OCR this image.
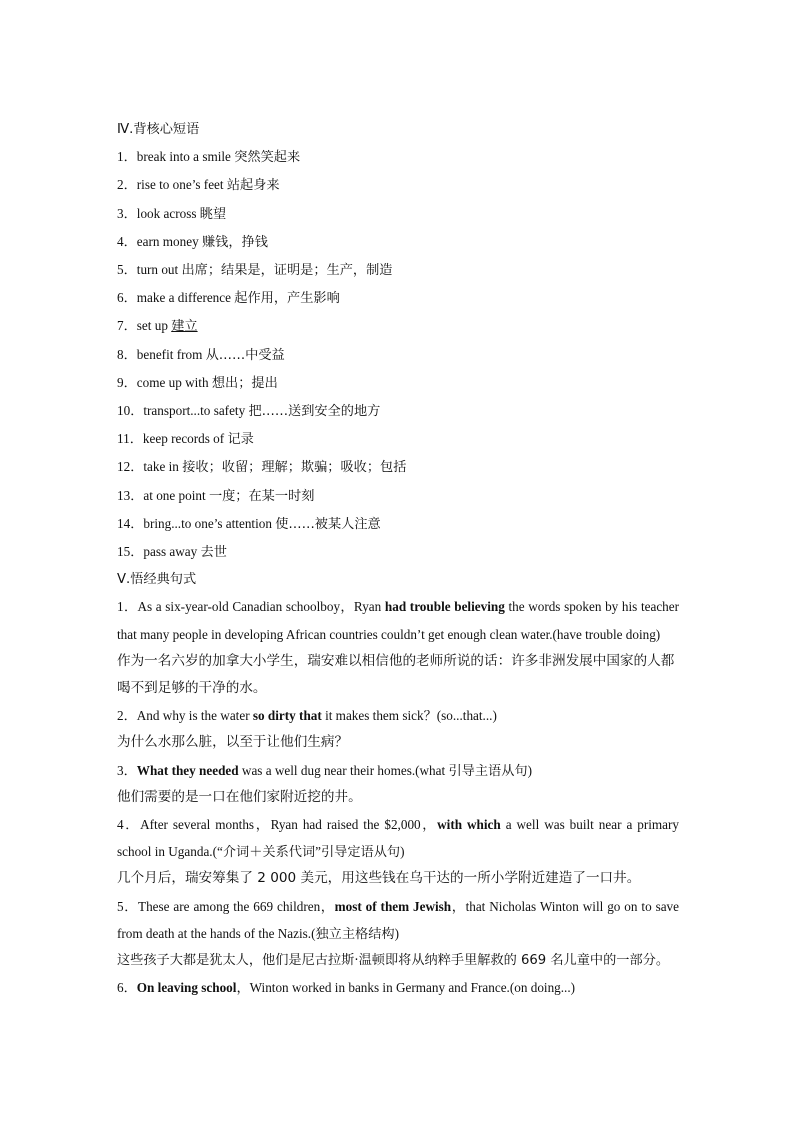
Ⅳ.背核心短语
1．break into a smile 突然笑起来
2．rise to one’s feet 站起身来
3．look across 眺望
4．earn money 赚钱，挣钱
5．turn out 出席；结果是，证明是；生产，制造
6．make a difference 起作用，产生影响
7．set up 建立
8．benefit from 从……中受益
9．come up with 想出；提出
10．transport...to safety 把……送到安全的地方
11．keep records of 记录
12．take in 接收；收留；理解；欺骗；吸收；包括
13．at one point 一度；在某一时刻
14．bring...to one’s attention 使……被某人注意
15．pass away 去世
Ⅴ.悟经典句式
1．As a six-year-old Canadian schoolboy，Ryan had trouble believing the words spoken by his teacher that many people in developing African countries couldn’t get enough clean water.(have trouble doing)
作为一名六岁的加拿大小学生，瑞安难以相信他的老师所说的话：许多非洲发展中国家的人都喝不到足够的干净的水。
2．And why is the water so dirty that it makes them sick？(so...that...)
为什么水那么脏，以至于让他们生病？
3．What they needed was a well dug near their homes.(what 引导主语从句)
他们需要的是一口在他们家附近挖的井。
4．After several months，Ryan had raised the $2,000，with which a well was built near a primary school in Uganda.(“介词＋关系代词”引导定语从句)
几个月后，瑞安筹集了 2 000 美元，用这些钱在乌干达的一所小学附近建造了一口井。
5．These are among the 669 children，most of them Jewish，that Nicholas Winton will go on to save from death at the hands of the Nazis.(独立主格结构)
这些孩子大都是犹太人，他们是尼古拉斯·温顿即将从纳粹手里解救的 669 名儿童中的一部分。
6．On leaving school，Winton worked in banks in Germany and France.(on doing...)
